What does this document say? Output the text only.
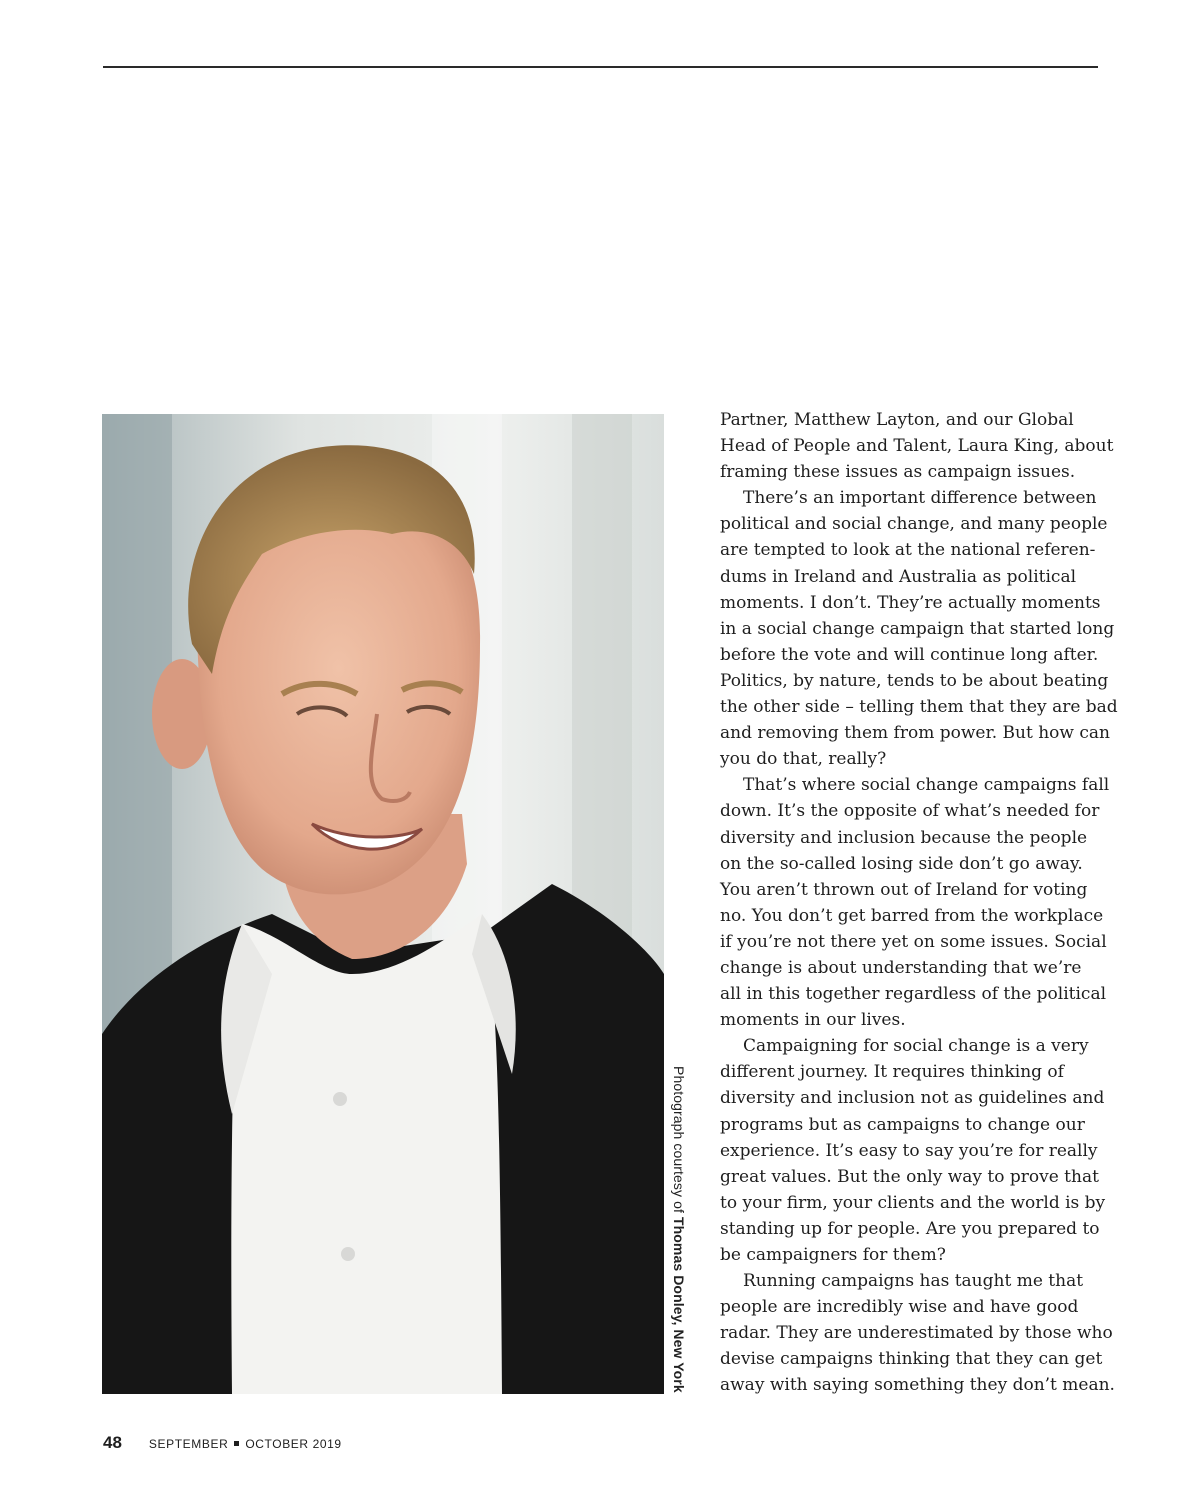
Photograph courtesy of Thomas Donley, New York

Partner, Matthew Layton, and our Global
Head of People and Talent, Laura King, about
framing these issues as campaign issues.

There’s an important difference between
political and social change, and many people
are tempted to look at the national referen-
dums in Ireland and Australia as political
moments. I don’t. They’re actually moments
in a social change campaign that started long
before the vote and will continue long after.
Politics, by nature, tends to be about beating
the other side – telling them that they are bad
and removing them from power. But how can
you do that, really?

That’s where social change campaigns fall
down. It’s the opposite of what’s needed for
diversity and inclusion because the people
on the so-called losing side don’t go away.
You aren’t thrown out of Ireland for voting
no. You don’t get barred from the workplace
if you’re not there yet on some issues. Social
change is about understanding that we’re
all in this together regardless of the political
moments in our lives.

Campaigning for social change is a very
different journey. It requires thinking of
diversity and inclusion not as guidelines and
programs but as campaigns to change our
experience. It’s easy to say you’re for really
great values. But the only way to prove that
to your firm, your clients and the world is by
standing up for people. Are you prepared to
be campaigners for them?

Running campaigns has taught me that
people are incredibly wise and have good
radar. They are underestimated by those who
devise campaigns thinking that they can get
away with saying something they don’t mean.

48 SEPTEMBER OCTOBER 2019
